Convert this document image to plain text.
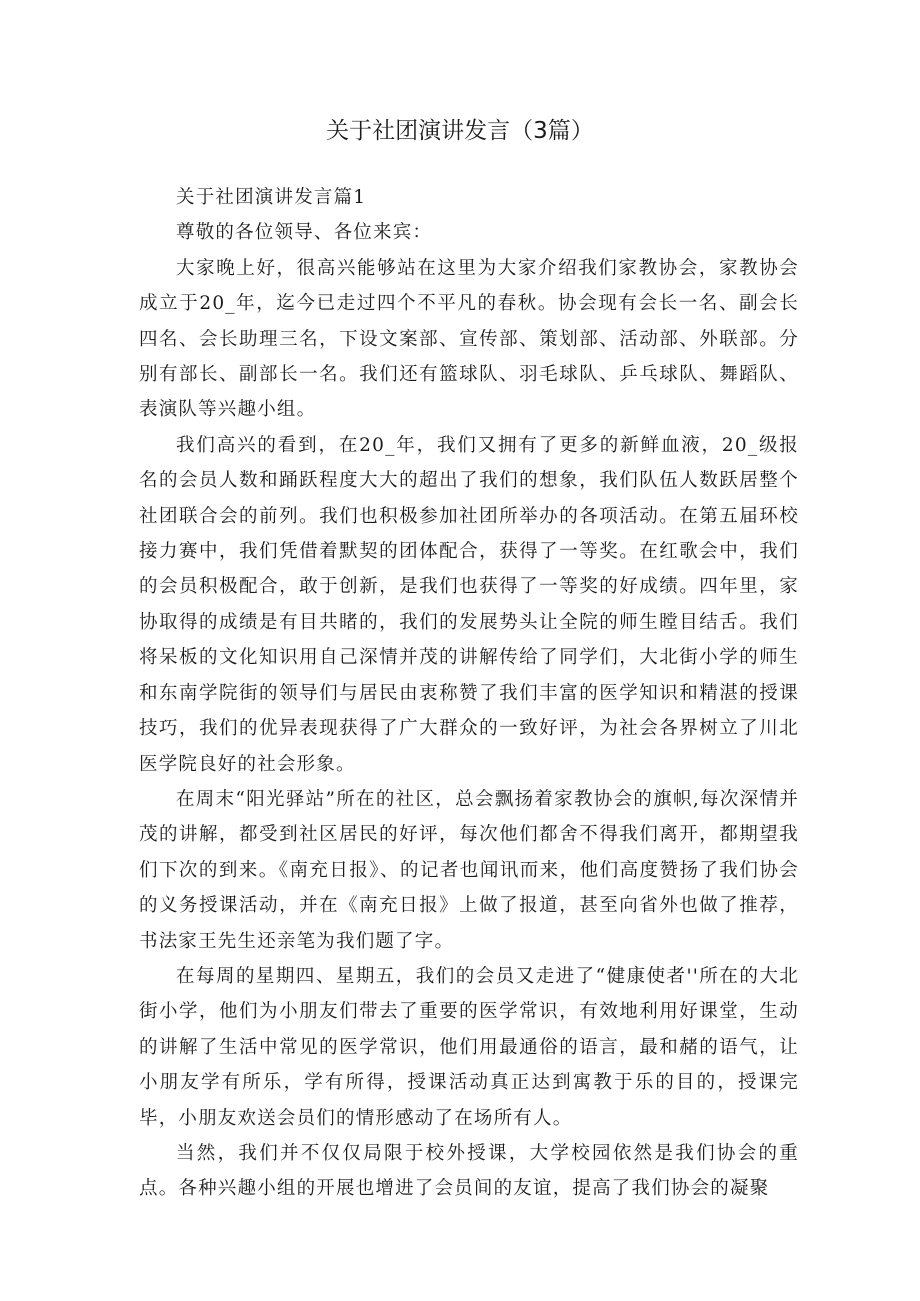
关于社团演讲发言（3篇）

关于社团演讲发言篇1

尊敬的各位领导、各位来宾：

大家晚上好，很高兴能够站在这里为大家介绍我们家教协会，家教协会成立于20_年，迄今已走过四个不平凡的春秋。协会现有会长一名、副会长四名、会长助理三名，下设文案部、宣传部、策划部、活动部、外联部。分别有部长、副部长一名。我们还有篮球队、羽毛球队、乒乓球队、舞蹈队、表演队等兴趣小组。

我们高兴的看到，在20_年，我们又拥有了更多的新鲜血液，20_级报名的会员人数和踊跃程度大大的超出了我们的想象，我们队伍人数跃居整个社团联合会的前列。我们也积极参加社团所举办的各项活动。在第五届环校接力赛中，我们凭借着默契的团体配合，获得了一等奖。在红歌会中，我们的会员积极配合，敢于创新，是我们也获得了一等奖的好成绩。四年里，家协取得的成绩是有目共睹的，我们的发展势头让全院的师生瞠目结舌。我们将呆板的文化知识用自己深情并茂的讲解传给了同学们，大北街小学的师生和东南学院街的领导们与居民由衷称赞了我们丰富的医学知识和精湛的授课技巧，我们的优异表现获得了广大群众的一致好评，为社会各界树立了川北医学院良好的社会形象。

在周末“阳光驿站”所在的社区，总会飘扬着家教协会的旗帜,每次深情并茂的讲解，都受到社区居民的好评，每次他们都舍不得我们离开，都期望我们下次的到来。《南充日报》、的记者也闻讯而来，他们高度赞扬了我们协会的义务授课活动，并在《南充日报》上做了报道，甚至向省外也做了推荐，书法家王先生还亲笔为我们题了字。

在每周的星期四、星期五，我们的会员又走进了“健康使者''所在的大北街小学，他们为小朋友们带去了重要的医学常识，有效地利用好课堂，生动的讲解了生活中常见的医学常识，他们用最通俗的语言，最和赭的语气，让小朋友学有所乐，学有所得，授课活动真正达到寓教于乐的目的，授课完毕，小朋友欢送会员们的情形感动了在场所有人。

当然，我们并不仅仅局限于校外授课，大学校园依然是我们协会的重点。各种兴趣小组的开展也增进了会员间的友谊，提高了我们协会的凝聚
